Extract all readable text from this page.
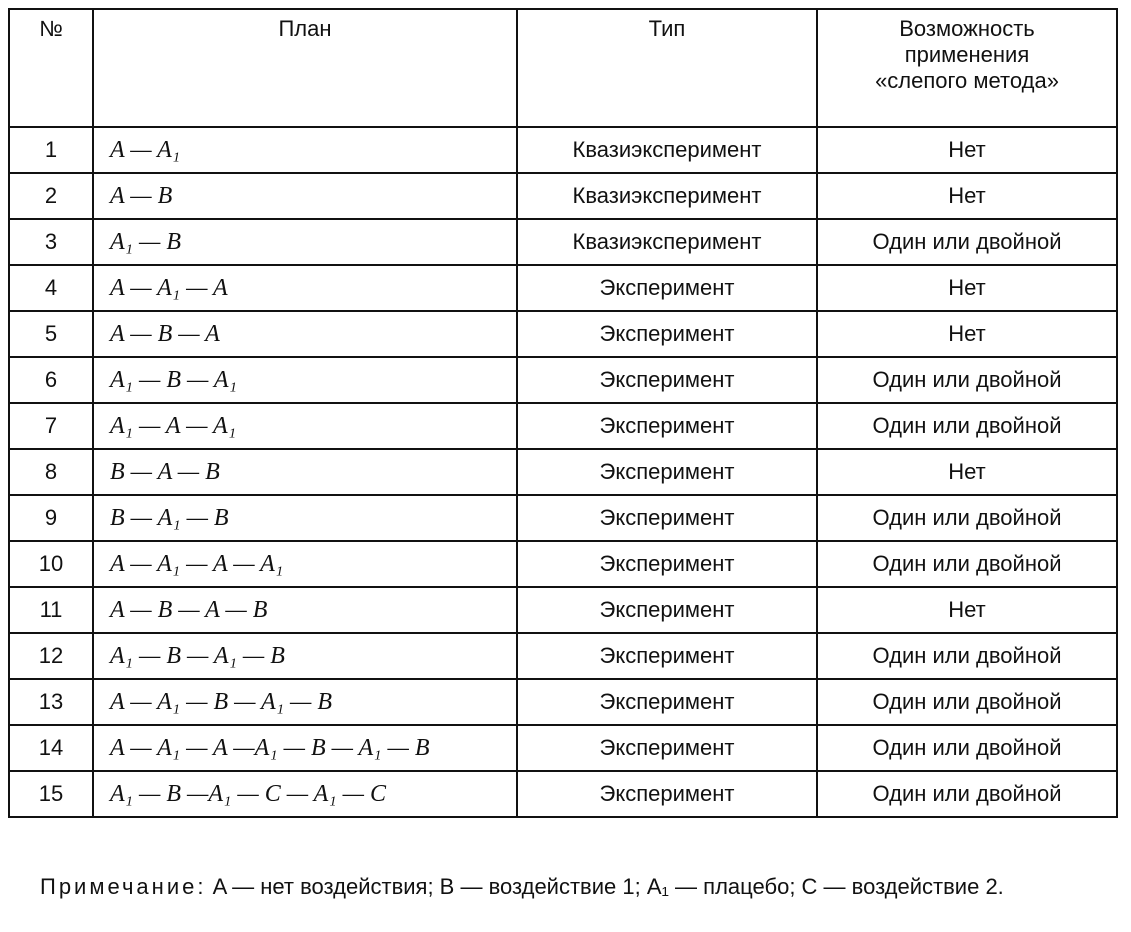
№	План	Тип	Возможность
применения
«слепого метода»

1	A — A₁	Квазиэксперимент	Нет
2	A — B	Квазиэксперимент	Нет
3	A₁ — B	Квазиэксперимент	Один или двойной
4	A — A₁ — A	Эксперимент	Нет
5	A — B — A	Эксперимент	Нет
6	A₁ — B — A₁	Эксперимент	Один или двойной
7	A₁ — A — A₁	Эксперимент	Один или двойной
8	B — A — B	Эксперимент	Нет
9	B — A₁ — B	Эксперимент	Один или двойной
10	A — A₁ — A — A₁	Эксперимент	Один или двойной
11	A — B — A — B	Эксперимент	Нет
12	A₁ — B — A₁ — B	Эксперимент	Один или двойной
13	A — A₁ — B — A₁ — B	Эксперимент	Один или двойной
14	A — A₁ — A —A₁ — B — A₁ — B	Эксперимент	Один или двойной
15	A₁ — B —A₁ — C — A₁ — C	Эксперимент	Один или двойной
Примечание: A — нет воздействия; B — воздействие 1; A₁ — плацебо; C — воздействие 2.
